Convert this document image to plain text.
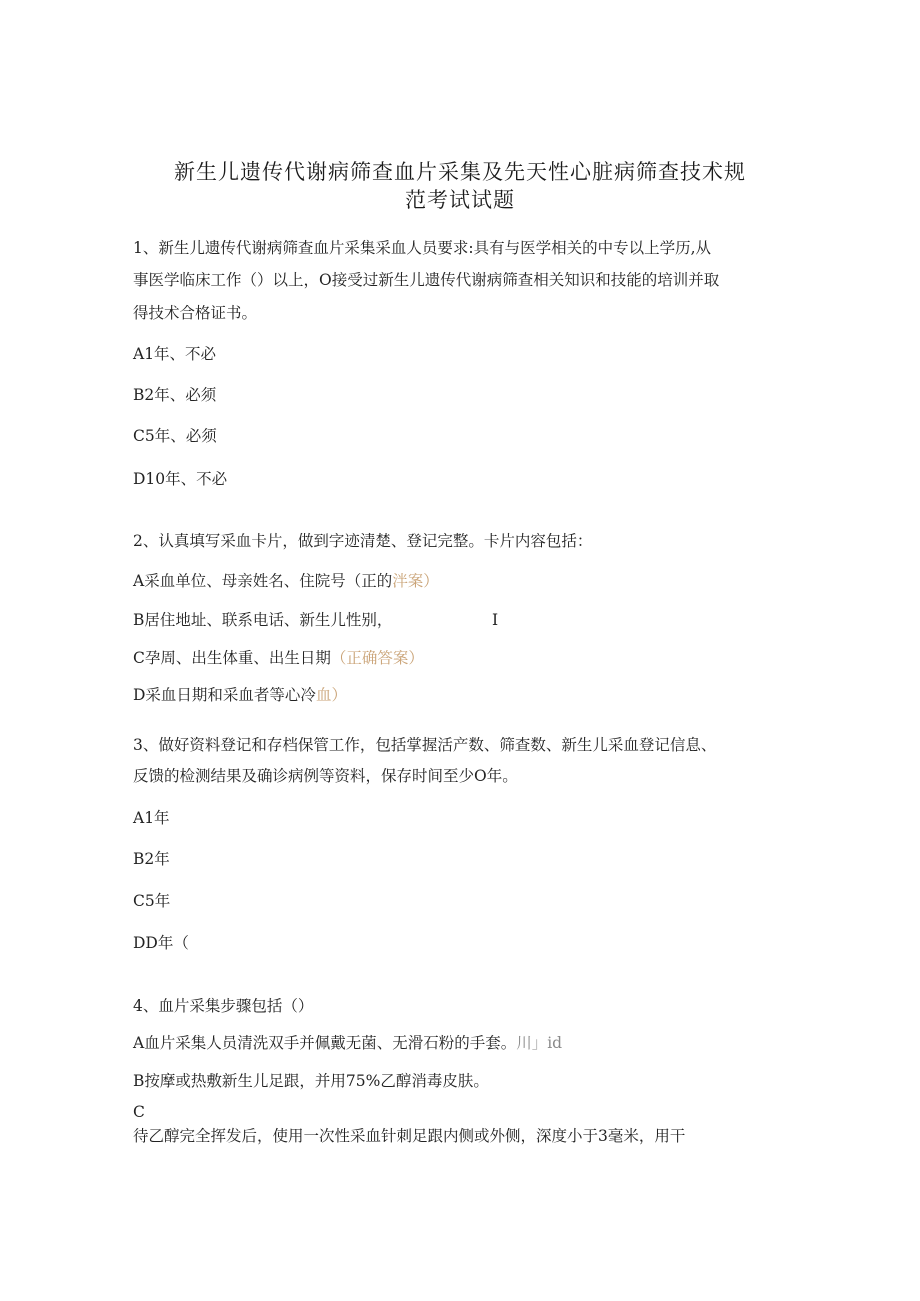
新生儿遗传代谢病筛查血片采集及先天性心脏病筛查技术规
范考试试题
1、新生儿遗传代谢病筛查血片采集采血人员要求:具有与医学相关的中专以上学历,从
事医学临床工作（）以上，O接受过新生儿遗传代谢病筛查相关知识和技能的培训并取
得技术合格证书。
A1年、不必
B2年、必须
C5年、必须
D10年、不必
2、认真填写采血卡片，做到字迹清楚、登记完整。卡片内容包括：
A采血单位、母亲姓名、住院号（正的泮案）
B居住地址、联系电话、新生儿性别，	I
C孕周、出生体重、出生日期（正确答案）
D采血日期和采血者等心冷血）
3、做好资料登记和存档保管工作，包括掌握活产数、筛查数、新生儿采血登记信息、
反馈的检测结果及确诊病例等资料，保存时间至少O年。
A1年
B2年
C5年
DD年（
4、血片采集步骤包括（）
A血片采集人员清洗双手并佩戴无菌、无滑石粉的手套。川」id
B按摩或热敷新生儿足跟，并用75%乙醇消毒皮肤。
C
待乙醇完全挥发后，使用一次性采血针刺足跟内侧或外侧，深度小于3毫米，用干
